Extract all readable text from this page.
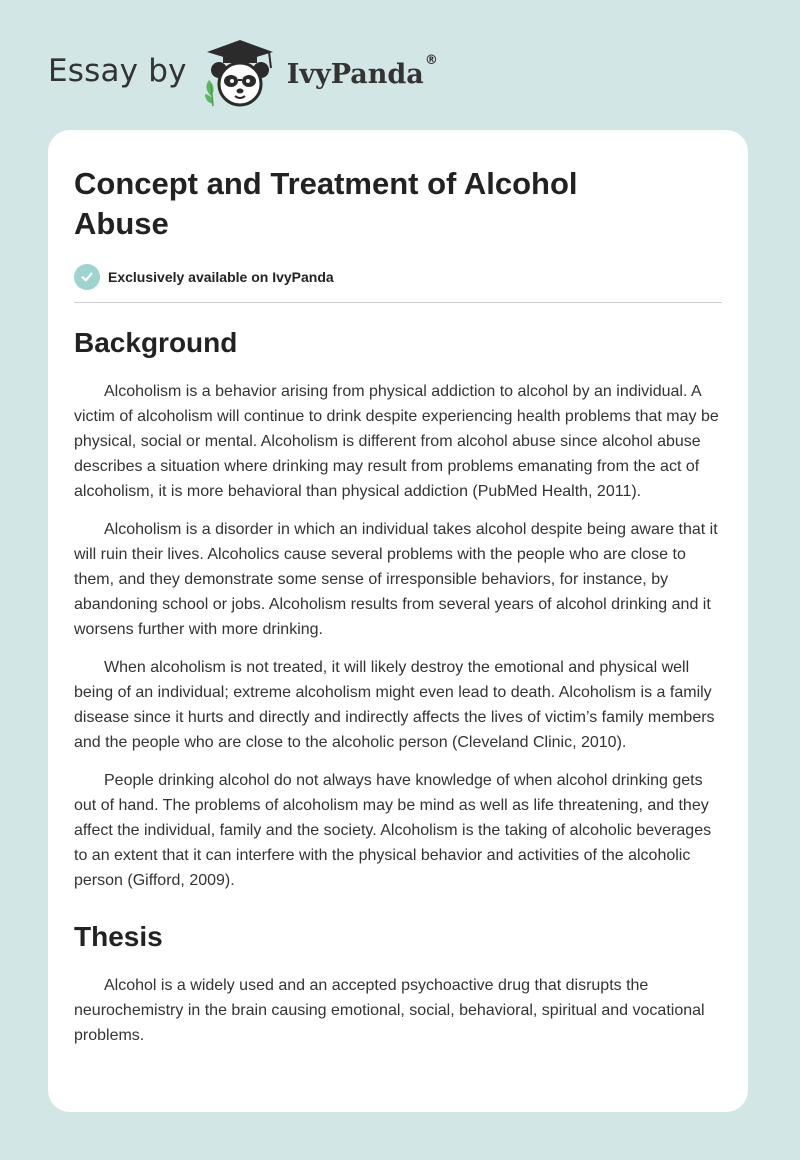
Essay by	IvyPanda®
Concept and Treatment of Alcohol Abuse
Exclusively available on IvyPanda
Background

Alcoholism is a behavior arising from physical addiction to alcohol by an individual. A victim of alcoholism will continue to drink despite experiencing health problems that may be physical, social or mental. Alcoholism is different from alcohol abuse since alcohol abuse describes a situation where drinking may result from problems emanating from the act of alcoholism, it is more behavioral than physical addiction (PubMed Health, 2011).

Alcoholism is a disorder in which an individual takes alcohol despite being aware that it will ruin their lives. Alcoholics cause several problems with the people who are close to them, and they demonstrate some sense of irresponsible behaviors, for instance, by abandoning school or jobs. Alcoholism results from several years of alcohol drinking and it worsens further with more drinking.

When alcoholism is not treated, it will likely destroy the emotional and physical well being of an individual; extreme alcoholism might even lead to death. Alcoholism is a family disease since it hurts and directly and indirectly affects the lives of victim’s family members and the people who are close to the alcoholic person (Cleveland Clinic, 2010).

People drinking alcohol do not always have knowledge of when alcohol drinking gets out of hand. The problems of alcoholism may be mind as well as life threatening, and they affect the individual, family and the society. Alcoholism is the taking of alcoholic beverages to an extent that it can interfere with the physical behavior and activities of the alcoholic person (Gifford, 2009).

Thesis

Alcohol is a widely used and an accepted psychoactive drug that disrupts the neurochemistry in the brain causing emotional, social, behavioral, spiritual and vocational problems.
